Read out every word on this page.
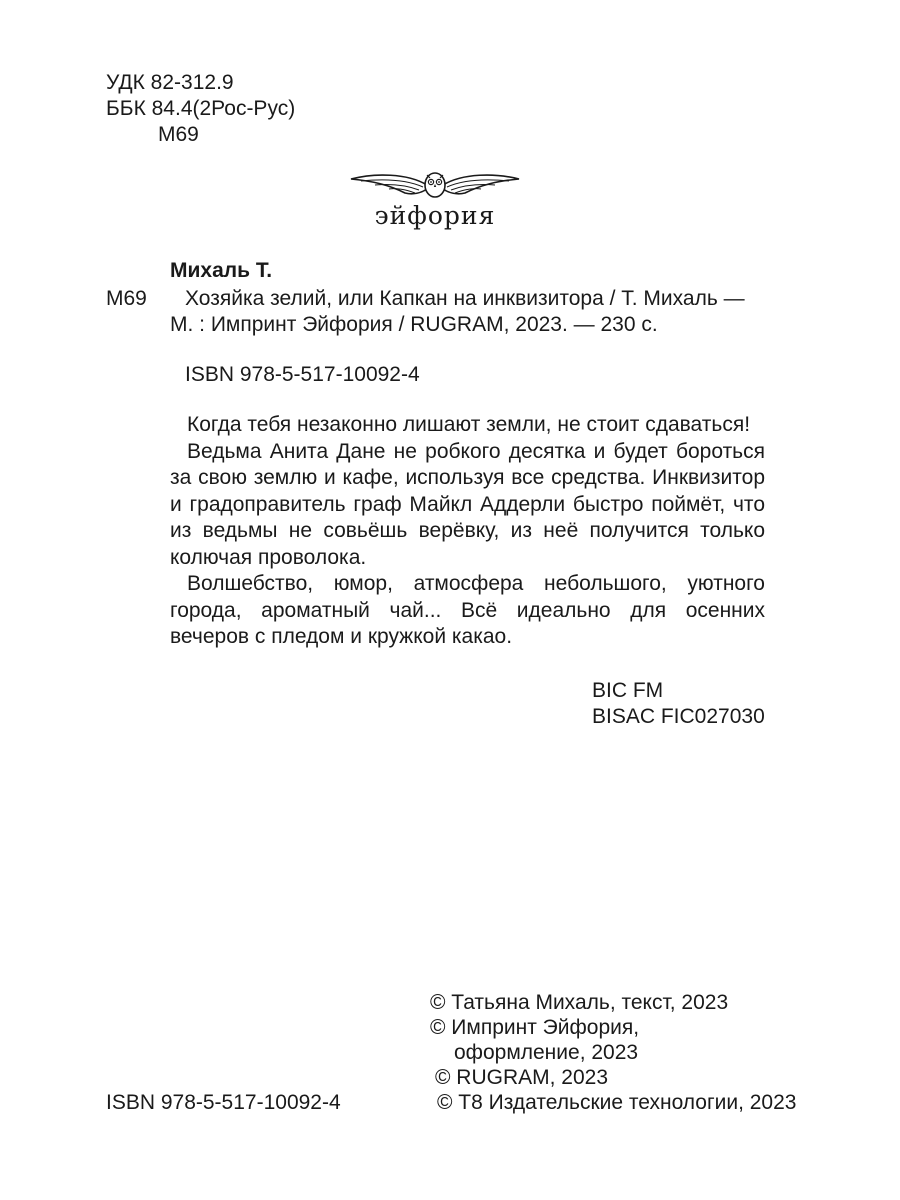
УДК 82-312.9
ББК 84.4(2Рос-Рус)
М69
эйфория
Михаль Т.
М69 Хозяйка зелий, или Капкан на инквизитора / Т. Михаль —
М. : Импринт Эйфория / RUGRAM, 2023. — 230 с.
ISBN 978-5-517-10092-4

Когда тебя незаконно лишают земли, не стоит сдаваться!

Ведьма Анита Дане не робкого десятка и будет бороться за свою землю и кафе, используя все средства. Инквизитор и градоправитель граф Майкл Аддерли быстро поймёт, что из ведьмы не совьёшь верёвку, из неё получится только колючая проволока.

Волшебство, юмор, атмосфера небольшого, уютного города, ароматный чай... Всё идеально для осенних вечеров с пледом и кружкой какао.

BIC FM
BISAC FIC027030
© Татьяна Михаль, текст, 2023
© Импринт Эйфория,
оформление, 2023
© RUGRAM, 2023
© Т8 Издательские технологии, 2023
ISBN 978-5-517-10092-4
